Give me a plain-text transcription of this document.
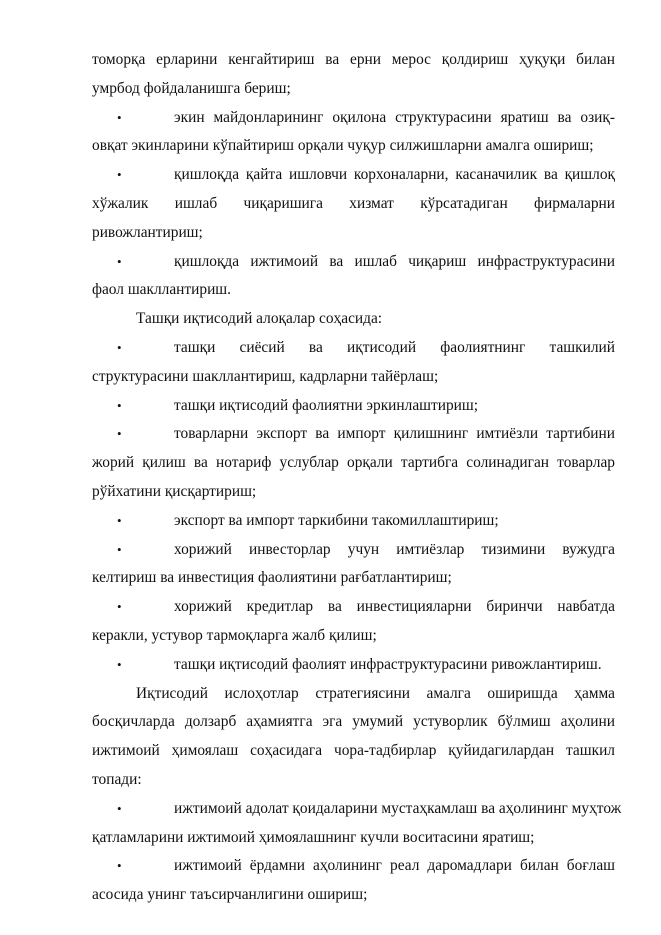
томорқа ерларини кенгайтириш ва ерни мерос қолдириш ҳуқуқи билан
умрбод фойдаланишга бериш;
•	экин майдонларининг оқилона структурасини яратиш ва озиқ-
овқат экинларини кўпайтириш орқали чуқур силжишларни амалга ошириш;
•	қишлоқда қайта ишловчи корхоналарни, касаначилик ва қишлоқ
хўжалик ишлаб чиқаришига хизмат кўрсатадиган фирмаларни
ривожлантириш;
•	қишлоқда ижтимоий ва ишлаб чиқариш инфраструктурасини
фаол шакллантириш.
Ташқи иқтисодий алоқалар соҳасида:
•	ташқи сиёсий ва иқтисодий фаолиятнинг ташкилий
структурасини шакллантириш, кадрларни тайёрлаш;
•	ташқи иқтисодий фаолиятни эркинлаштириш;
•	товарларни экспорт ва импорт қилишнинг имтиёзли тартибини
жорий қилиш ва нотариф услублар орқали тартибга солинадиган товарлар
рўйхатини қисқартириш;
•	экспорт ва импорт таркибини такомиллаштириш;
•	хорижий инвесторлар учун имтиёзлар тизимини вужудга
келтириш ва инвестиция фаолиятини рағбатлантириш;
•	хорижий кредитлар ва инвестицияларни биринчи навбатда
керакли, устувор тармоқларга жалб қилиш;
•	ташқи иқтисодий фаолият инфраструктурасини ривожлантириш.
Иқтисодий ислоҳотлар стратегиясини амалга оширишда ҳамма
босқичларда долзарб аҳамиятга эга умумий устуворлик бўлмиш аҳолини
ижтимоий ҳимоялаш соҳасидага чора-тадбирлар қуйидагилардан ташкил
топади:
•	ижтимоий адолат қоидаларини мустаҳкамлаш ва аҳолининг муҳтож
қатламларини ижтимоий ҳимоялашнинг кучли воситасини яратиш;
•	ижтимоий ёрдамни аҳолининг реал даромадлари билан боғлаш
асосида унинг таъсирчанлигини ошириш;
